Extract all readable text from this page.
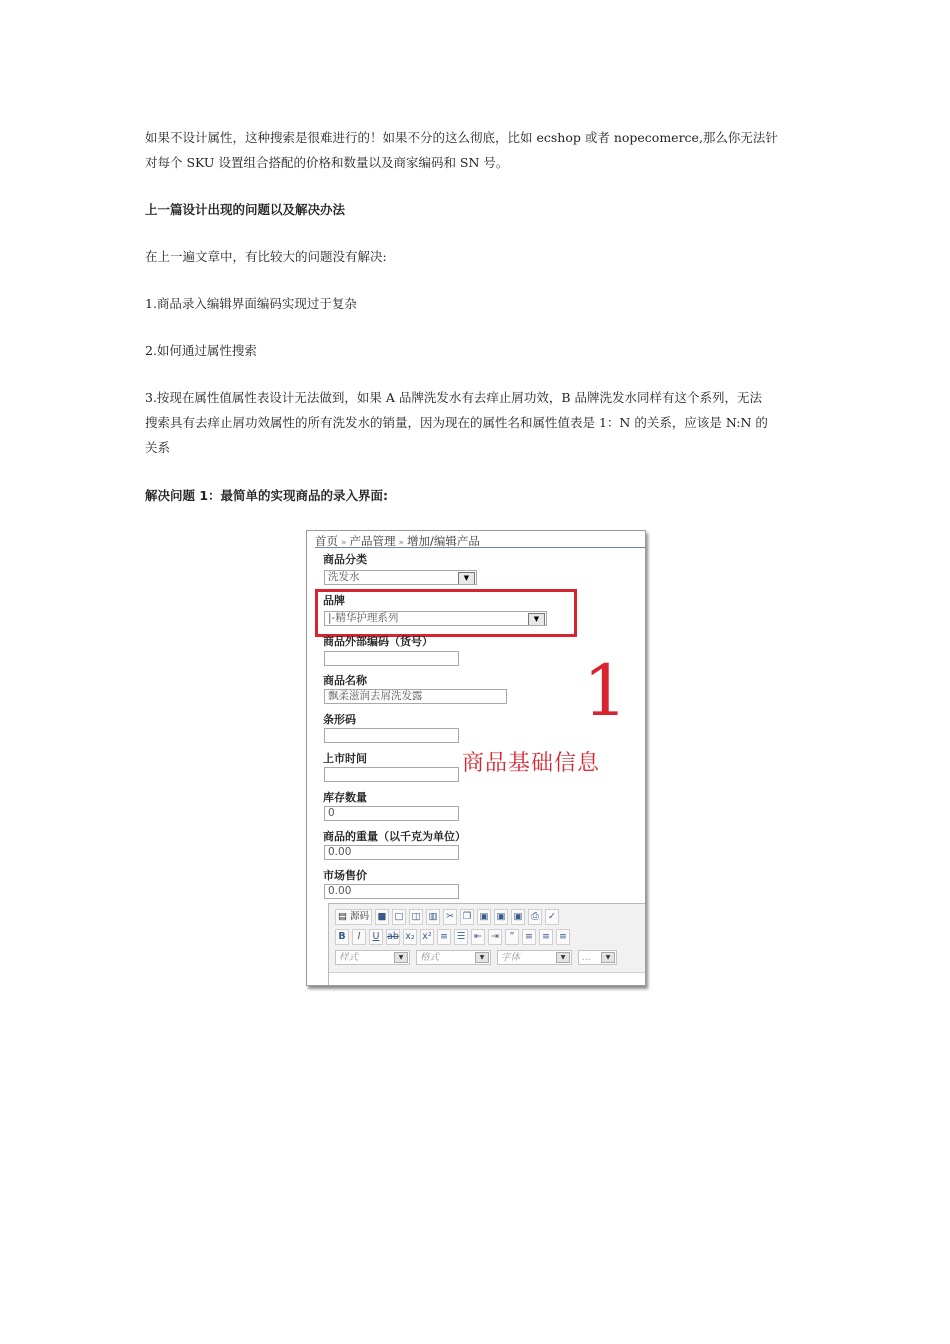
如果不设计属性，这种搜索是很难进行的！如果不分的这么彻底，比如 ecshop 或者 nopecomerce,那么你无法针

对每个 SKU 设置组合搭配的价格和数量以及商家编码和 SN 号。

上一篇设计出现的问题以及解决办法

在上一遍文章中，有比较大的问题没有解决:

1.商品录入编辑界面编码实现过于复杂

2.如何通过属性搜索

3.按现在属性值属性表设计无法做到，如果 A 品牌洗发水有去痒止屑功效，B 品牌洗发水同样有这个系列，无法

搜索具有去痒止屑功效属性的所有洗发水的销量，因为现在的属性名和属性值表是 1：N 的关系，应该是 N:N 的

关系

解决问题 1：最简单的实现商品的录入界面:

首页 » 产品管理 » 增加/编辑产品
商品分类
洗发水	▼
品牌
|-精华护理系列	▼
商品外部编码（货号）
商品名称
飘柔滋润去屑洗发露
条形码
上市时间
库存数量
0
商品的重量（以千克为单位）
0.00
市场售价
0.00
1
商品基础信息
▤ 源码 ■ □ ◫ ▥ ✂ ❐ ▣ ▣ ▣ ⎙ ✓
B I U ab x₂ x² ≡ ☰ ⇤ ⇥ ” ≡ ≡ ≡
样式	▼	格式	▼	字体	▼	...	▼
